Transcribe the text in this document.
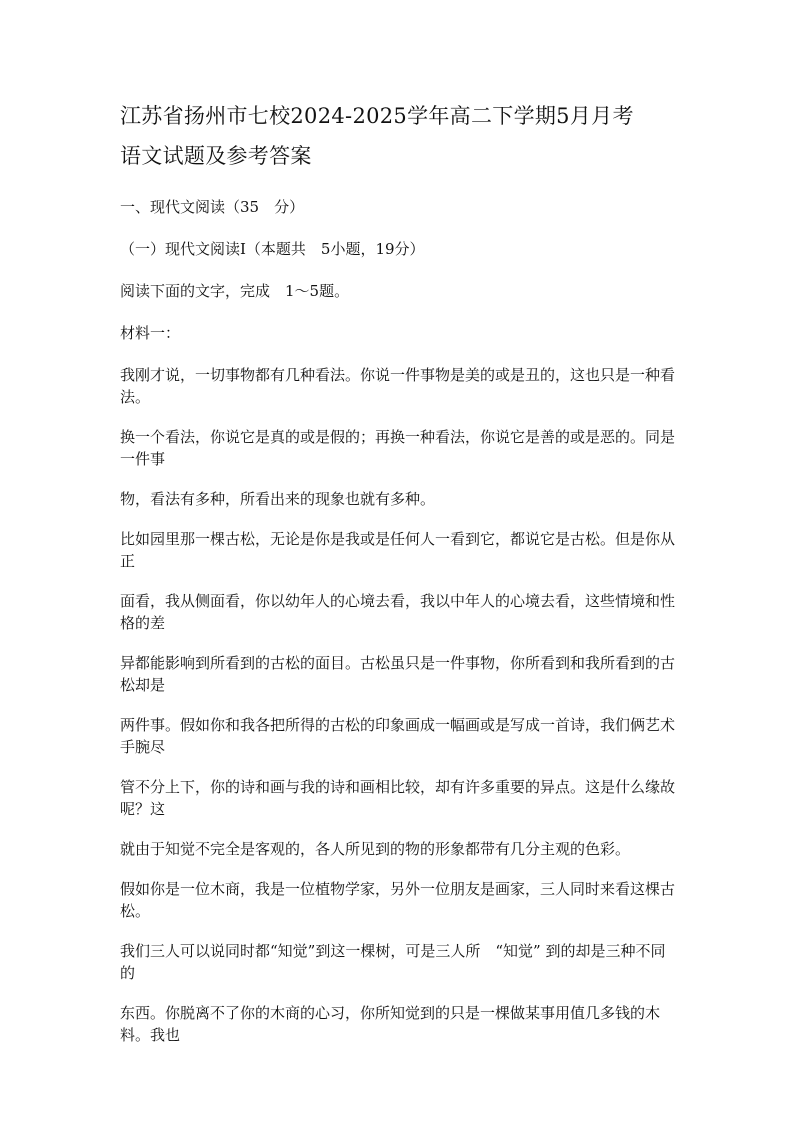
江苏省扬州市七校2024-2025学年高二下学期5月月考
语文试题及参考答案

一、现代文阅读（35　分）

（一）现代文阅读Ⅰ（本题共　5小题，19分）

阅读下面的文字，完成　1～5题。

材料一：

我刚才说，一切事物都有几种看法。你说一件事物是美的或是丑的，这也只是一种看法。

换一个看法，你说它是真的或是假的；再换一种看法，你说它是善的或是恶的。同是一件事

物，看法有多种，所看出来的现象也就有多种。

比如园里那一棵古松，无论是你是我或是任何人一看到它，都说它是古松。但是你从正

面看，我从侧面看，你以幼年人的心境去看，我以中年人的心境去看，这些情境和性格的差

异都能影响到所看到的古松的面目。古松虽只是一件事物，你所看到和我所看到的古松却是

两件事。假如你和我各把所得的古松的印象画成一幅画或是写成一首诗，我们俩艺术手腕尽

管不分上下，你的诗和画与我的诗和画相比较，却有许多重要的异点。这是什么缘故呢？这

就由于知觉不完全是客观的，各人所见到的物的形象都带有几分主观的色彩。

假如你是一位木商，我是一位植物学家，另外一位朋友是画家，三人同时来看这棵古松。

我们三人可以说同时都“知觉”到这一棵树，可是三人所　“知觉” 到的却是三种不同的

东西。你脱离不了你的木商的心习，你所知觉到的只是一棵做某事用值几多钱的木料。我也
